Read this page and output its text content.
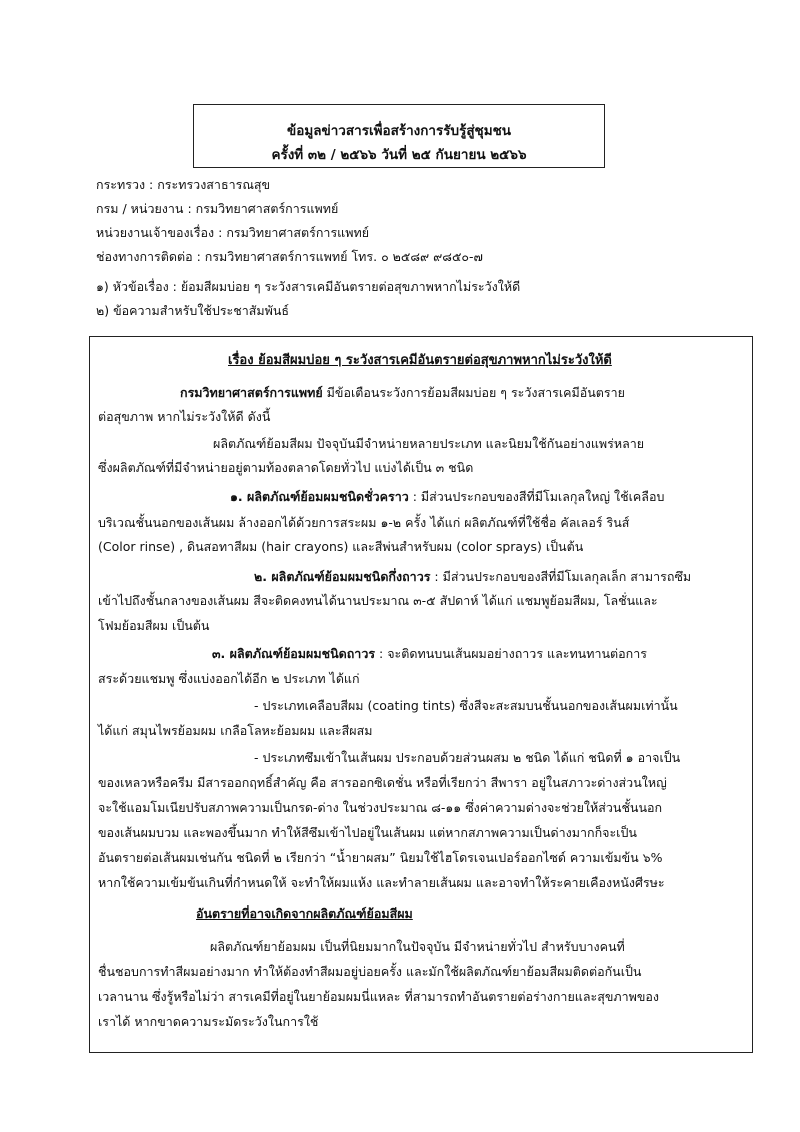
ข้อมูลข่าวสารเพื่อสร้างการรับรู้สู่ชุมชน
ครั้งที่ ๓๒ / ๒๕๖๖ วันที่ ๒๕ กันยายน ๒๕๖๖
กระทรวง : กระทรวงสาธารณสุข
กรม / หน่วยงาน : กรมวิทยาศาสตร์การแพทย์
หน่วยงานเจ้าของเรื่อง : กรมวิทยาศาสตร์การแพทย์
ช่องทางการติดต่อ : กรมวิทยาศาสตร์การแพทย์ โทร. ๐ ๒๕๘๙ ๙๘๕๐-๗
๑) หัวข้อเรื่อง : ย้อมสีผมบ่อย ๆ ระวังสารเคมีอันตรายต่อสุขภาพหากไม่ระวังให้ดี
๒) ข้อความสำหรับใช้ประชาสัมพันธ์
เรื่อง ย้อมสีผมบ่อย ๆ ระวังสารเคมีอันตรายต่อสุขภาพหากไม่ระวังให้ดี
กรมวิทยาศาสตร์การแพทย์ มีข้อเตือนระวังการย้อมสีผมบ่อย ๆ ระวังสารเคมีอันตราย
ต่อสุขภาพ หากไม่ระวังให้ดี ดังนี้
ผลิตภัณฑ์ย้อมสีผม ปัจจุบันมีจำหน่ายหลายประเภท และนิยมใช้กันอย่างแพร่หลาย
ซึ่งผลิตภัณฑ์ที่มีจำหน่ายอยู่ตามท้องตลาดโดยทั่วไป แบ่งได้เป็น ๓ ชนิด
๑. ผลิตภัณฑ์ย้อมผมชนิดชั่วคราว : มีส่วนประกอบของสีที่มีโมเลกุลใหญ่ ใช้เคลือบ
บริเวณชั้นนอกของเส้นผม ล้างออกได้ด้วยการสระผม ๑-๒ ครั้ง ได้แก่ ผลิตภัณฑ์ที่ใช้ชื่อ คัลเลอร์ รินส์
(Color rinse) , ดินสอทาสีผม (hair crayons) และสีพ่นสำหรับผม (color sprays) เป็นต้น
๒. ผลิตภัณฑ์ย้อมผมชนิดกึ่งถาวร : มีส่วนประกอบของสีที่มีโมเลกุลเล็ก สามารถซึม
เข้าไปถึงชั้นกลางของเส้นผม สีจะติดคงทนได้นานประมาณ ๓-๕ สัปดาห์ ได้แก่ แชมพูย้อมสีผม, โลชั่นและ
โฟมย้อมสีผม เป็นต้น
๓. ผลิตภัณฑ์ย้อมผมชนิดถาวร : จะติดทนบนเส้นผมอย่างถาวร และทนทานต่อการ
สระด้วยแชมพู ซึ่งแบ่งออกได้อีก ๒ ประเภท ได้แก่
- ประเภทเคลือบสีผม (coating tints) ซึ่งสีจะสะสมบนชั้นนอกของเส้นผมเท่านั้น
ได้แก่ สมุนไพรย้อมผม เกลือโลหะย้อมผม และสีผสม
- ประเภทซึมเข้าในเส้นผม ประกอบด้วยส่วนผสม ๒ ชนิด ได้แก่ ชนิดที่ ๑ อาจเป็น
ของเหลวหรือครีม มีสารออกฤทธิ์สำคัญ คือ สารออกซิเดชั่น หรือที่เรียกว่า สีพารา อยู่ในสภาวะด่างส่วนใหญ่
จะใช้แอมโมเนียปรับสภาพความเป็นกรด-ด่าง ในช่วงประมาณ ๘-๑๑ ซึ่งค่าความด่างจะช่วยให้ส่วนชั้นนอก
ของเส้นผมบวม และพองขึ้นมาก ทำให้สีซึมเข้าไปอยู่ในเส้นผม แต่หากสภาพความเป็นด่างมากก็จะเป็น
อันตรายต่อเส้นผมเช่นกัน ชนิดที่ ๒ เรียกว่า “น้ำยาผสม” นิยมใช้ไฮโดรเจนเปอร์ออกไซด์ ความเข้มข้น ๖%
หากใช้ความเข้มข้นเกินที่กำหนดให้ จะทำให้ผมแห้ง และทำลายเส้นผม และอาจทำให้ระคายเคืองหนังศีรษะ
อันตรายที่อาจเกิดจากผลิตภัณฑ์ย้อมสีผม
ผลิตภัณฑ์ยาย้อมผม เป็นที่นิยมมากในปัจจุบัน มีจำหน่ายทั่วไป สำหรับบางคนที่
ชื่นชอบการทำสีผมอย่างมาก ทำให้ต้องทำสีผมอยู่บ่อยครั้ง และมักใช้ผลิตภัณฑ์ยาย้อมสีผมติดต่อกันเป็น
เวลานาน ซึ่งรู้หรือไม่ว่า สารเคมีที่อยู่ในยาย้อมผมนี่แหละ ที่สามารถทำอันตรายต่อร่างกายและสุขภาพของ
เราได้ หากขาดความระมัดระวังในการใช้
